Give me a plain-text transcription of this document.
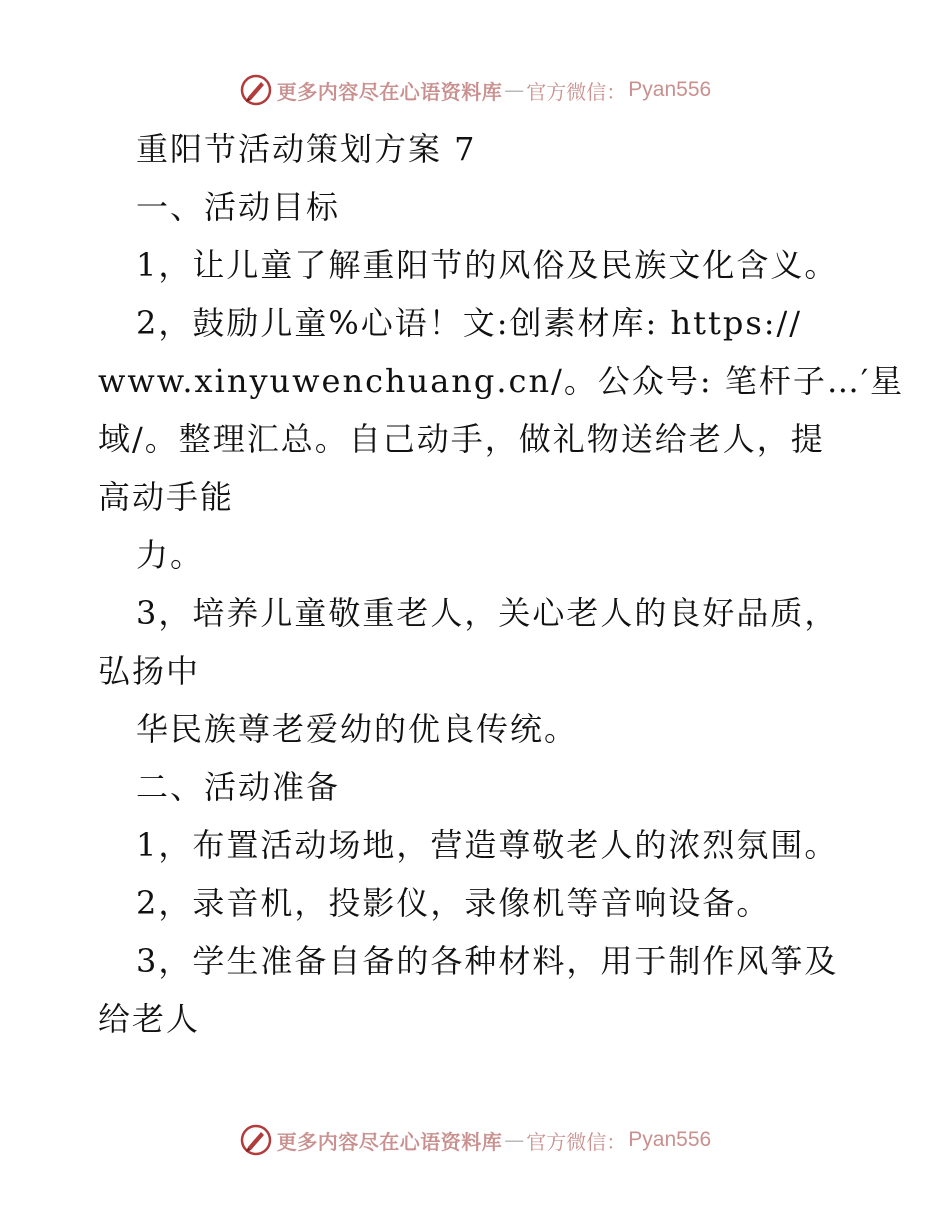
更多内容尽在心语资料库 — 官方微信： Pyan556
重阳节活动策划方案 7
一、活动目标
1，让儿童了解重阳节的风俗及民族文化含义。
2，鼓励儿童%心语！文:创素材库: https://
www.xinyuwenchuang.cn/。公众号: 笔杆子…′星
域/。整理汇总。自己动手，做礼物送给老人，提
高动手能
力。
3，培养儿童敬重老人，关心老人的良好品质，
弘扬中
华民族尊老爱幼的优良传统。
二、活动准备
1，布置活动场地，营造尊敬老人的浓烈氛围。
2，录音机，投影仪，录像机等音响设备。
3，学生准备自备的各种材料，用于制作风筝及
给老人
更多内容尽在心语资料库 — 官方微信： Pyan556
